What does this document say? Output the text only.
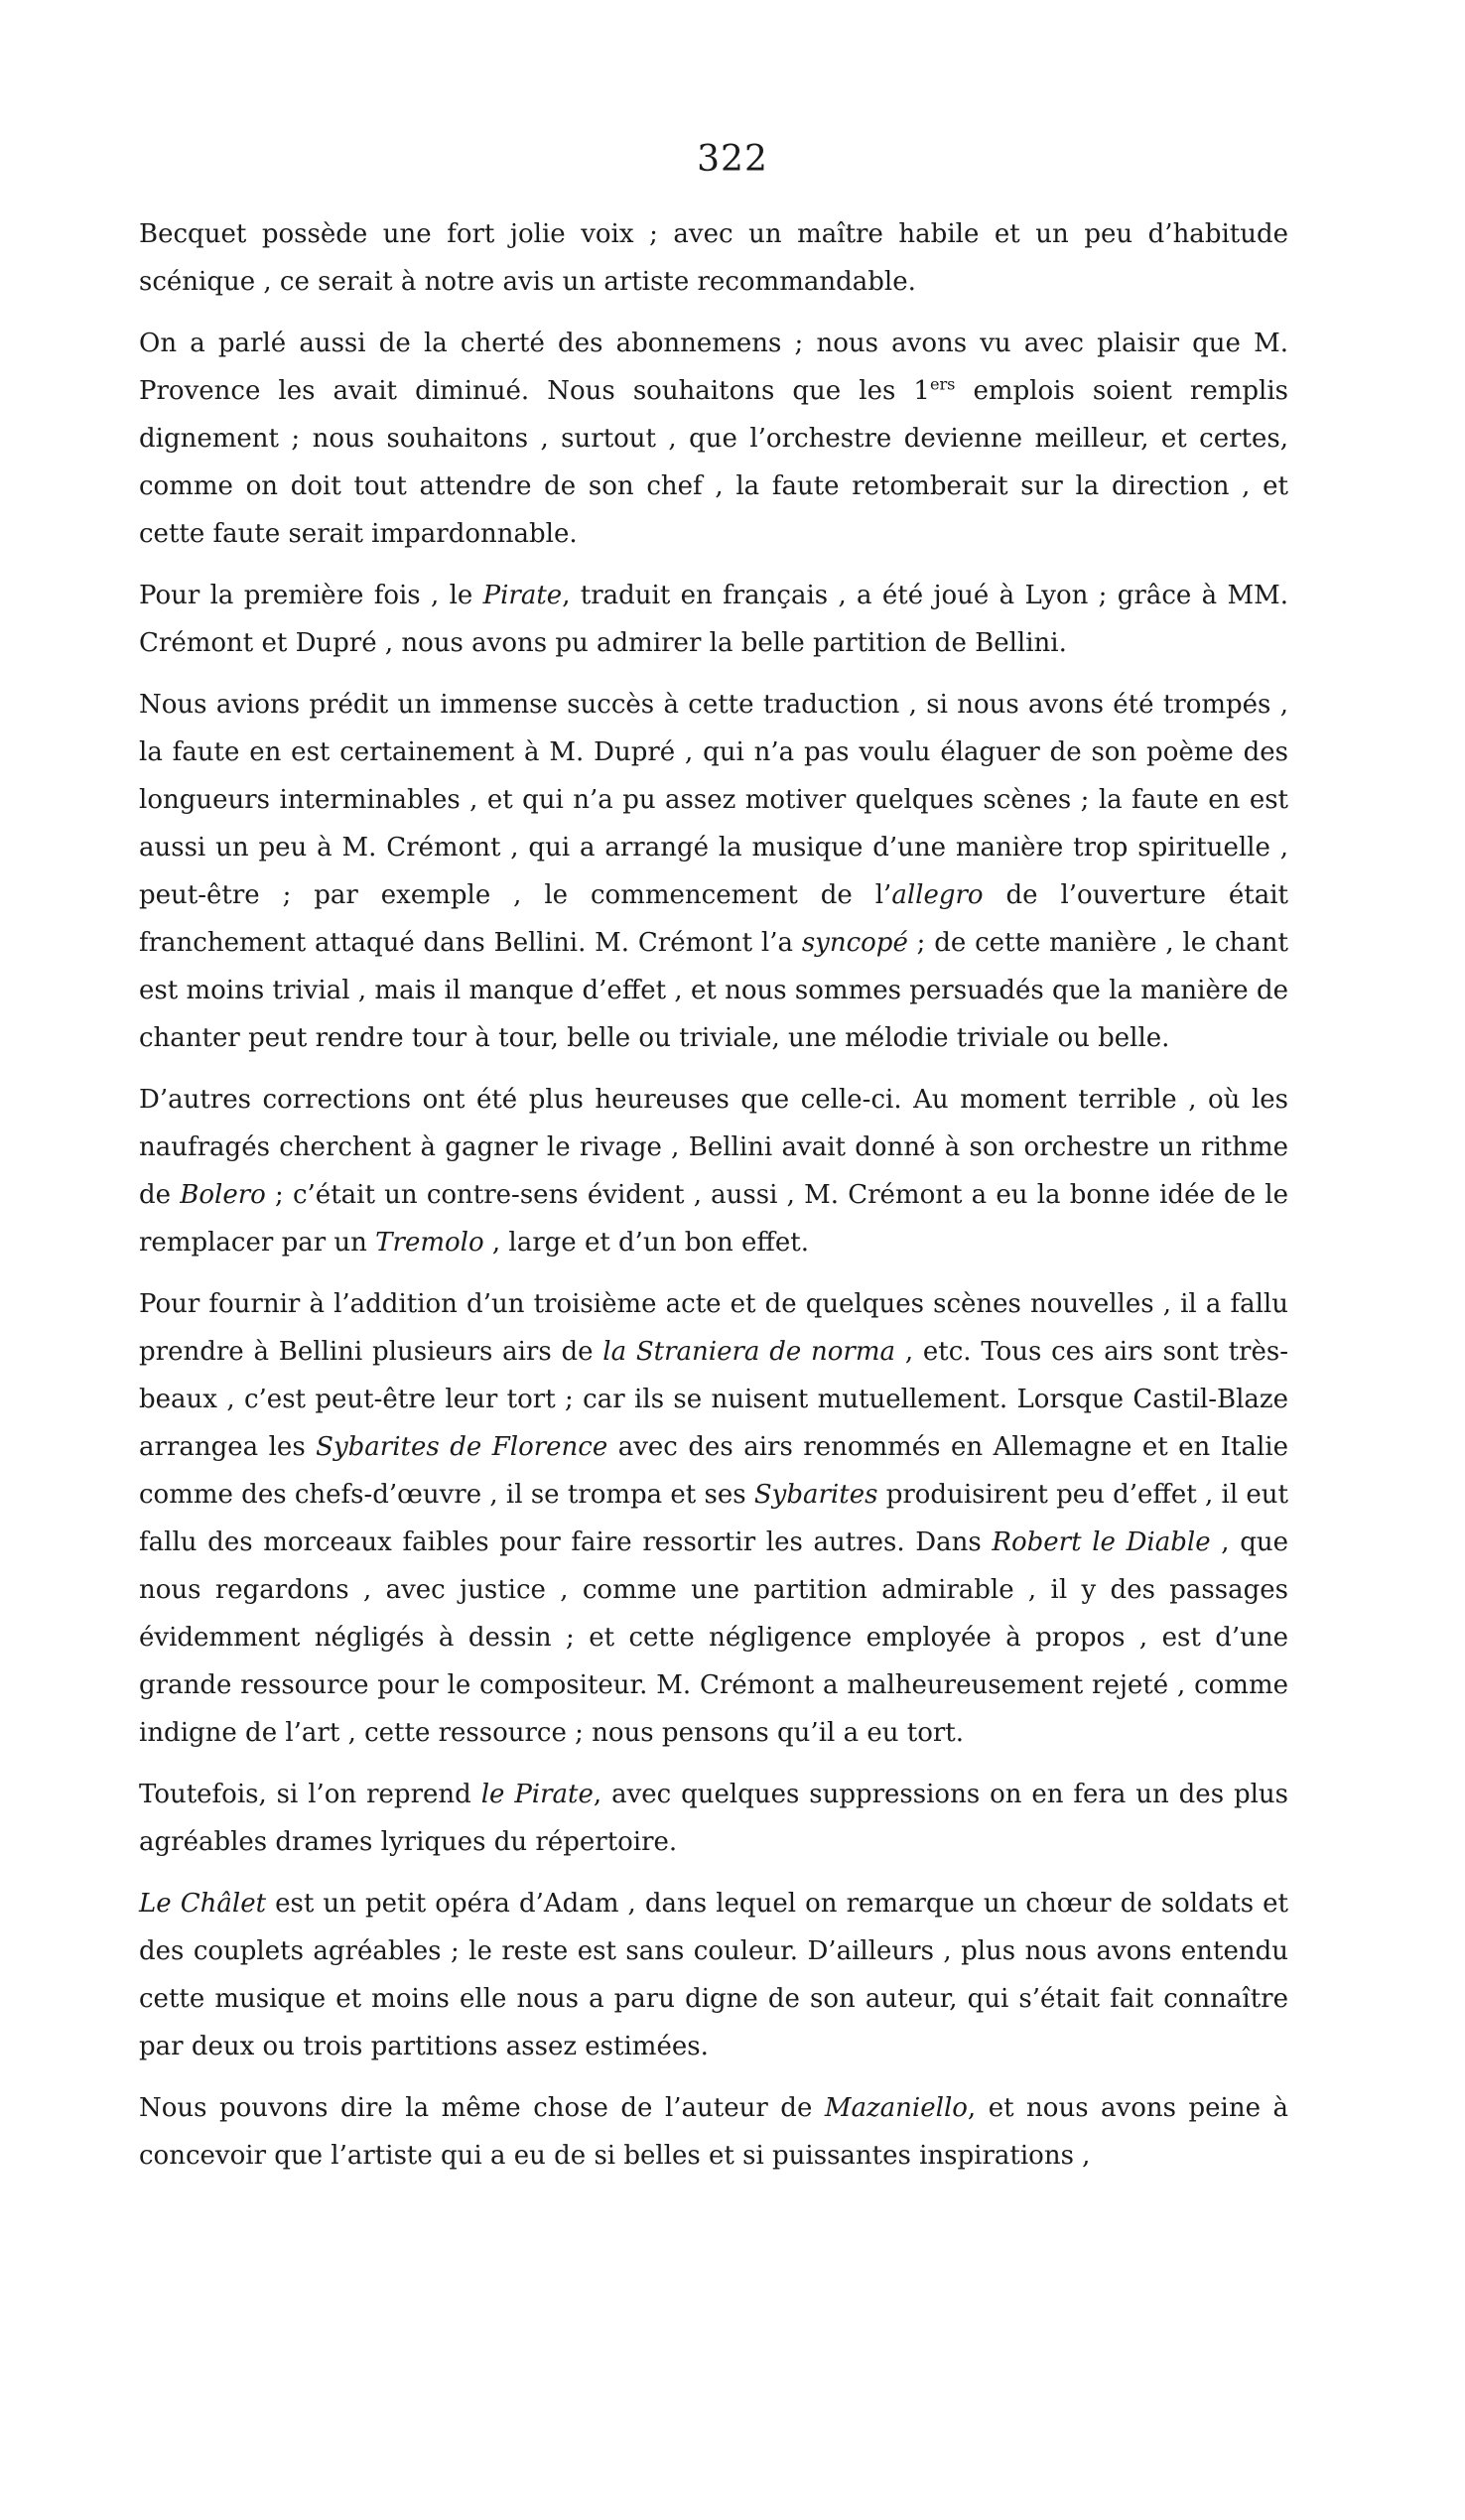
322

Becquet possède une fort jolie voix ; avec un maître habile et un peu d’habitude scénique , ce serait à notre avis un artiste recommandable.

On a parlé aussi de la cherté des abonnemens ; nous avons vu avec plaisir que M. Provence les avait diminué. Nous souhaitons que les 1ers emplois soient remplis dignement ; nous souhaitons , surtout , que l’orchestre devienne meilleur, et certes, comme on doit tout attendre de son chef , la faute retomberait sur la direction , et cette faute serait impardonnable.

Pour la première fois , le Pirate, traduit en français , a été joué à Lyon ; grâce à MM. Crémont et Dupré , nous avons pu admirer la belle partition de Bellini.

Nous avions prédit un immense succès à cette traduction , si nous avons été trompés , la faute en est certainement à M. Dupré , qui n’a pas voulu élaguer de son poème des longueurs interminables , et qui n’a pu assez motiver quelques scènes ; la faute en est aussi un peu à M. Crémont , qui a arrangé la musique d’une manière trop spirituelle , peut-être ; par exemple , le commencement de l’allegro de l’ouverture était franchement attaqué dans Bellini. M. Crémont l’a syncopé ; de cette manière , le chant est moins trivial , mais il manque d’effet , et nous sommes persuadés que la manière de chanter peut rendre tour à tour, belle ou triviale, une mélodie triviale ou belle.

D’autres corrections ont été plus heureuses que celle-ci. Au moment terrible , où les naufragés cherchent à gagner le rivage , Bellini avait donné à son orchestre un rithme de Bolero ; c’était un contre-sens évident , aussi , M. Crémont a eu la bonne idée de le remplacer par un Tremolo , large et d’un bon effet.

Pour fournir à l’addition d’un troisième acte et de quelques scènes nouvelles , il a fallu prendre à Bellini plusieurs airs de la Straniera de norma , etc. Tous ces airs sont très-beaux , c’est peut-être leur tort ; car ils se nuisent mutuellement. Lorsque Castil-Blaze arrangea les Sybarites de Florence avec des airs renommés en Allemagne et en Italie comme des chefs-d’œuvre , il se trompa et ses Sybarites produisirent peu d’effet , il eut fallu des morceaux faibles pour faire ressortir les autres. Dans Robert le Diable , que nous regardons , avec justice , comme une partition admirable , il y des passages évidemment négligés à dessin ; et cette négligence employée à propos , est d’une grande ressource pour le compositeur. M. Crémont a malheureusement rejeté , comme indigne de l’art , cette ressource ; nous pensons qu’il a eu tort.

Toutefois, si l’on reprend le Pirate, avec quelques suppressions on en fera un des plus agréables drames lyriques du répertoire.

Le Châlet est un petit opéra d’Adam , dans lequel on remarque un chœur de soldats et des couplets agréables ; le reste est sans couleur. D’ailleurs , plus nous avons entendu cette musique et moins elle nous a paru digne de son auteur, qui s’était fait connaître par deux ou trois partitions assez estimées.

Nous pouvons dire la même chose de l’auteur de Mazaniello, et nous avons peine à concevoir que l’artiste qui a eu de si belles et si puissantes inspirations ,
